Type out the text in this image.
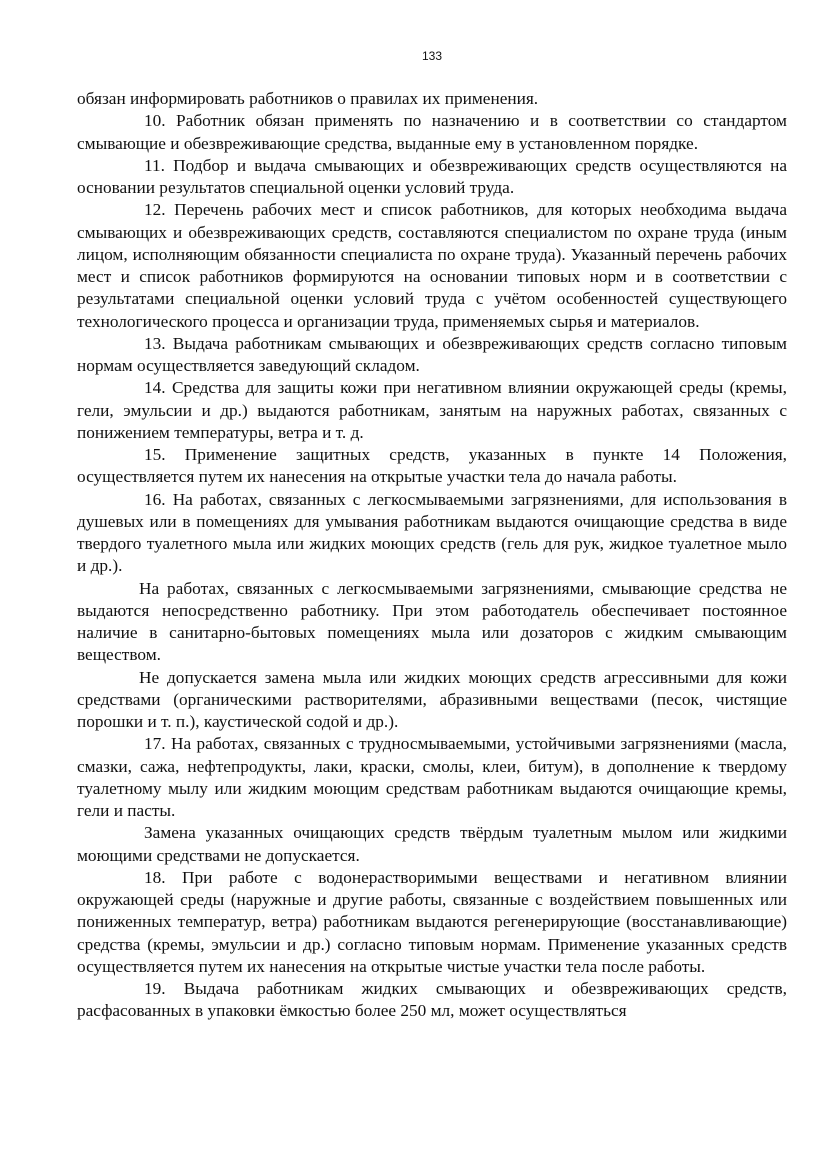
133

обязан информировать работников о правилах их применения.

10. Работник обязан применять по назначению и в соответствии со стандартом смывающие и обезвреживающие средства, выданные ему в установленном порядке.

11. Подбор и выдача смывающих и обезвреживающих средств осуществляются на основании результатов специальной оценки условий труда.

12. Перечень рабочих мест и список работников, для которых необходима выдача смывающих и обезвреживающих средств, составляются специалистом по охране труда (иным лицом, исполняющим обязанности специалиста по охране труда). Указанный перечень рабочих мест и список работников формируются на основании типовых норм и в соответствии с результатами специальной оценки условий труда с учётом особенностей существующего технологического процесса и организации труда, применяемых сырья и материалов.

13. Выдача работникам смывающих и обезвреживающих средств согласно типовым нормам осуществляется заведующий складом.

14. Средства для защиты кожи при негативном влиянии окружающей среды (кремы, гели, эмульсии и др.) выдаются работникам, занятым на наружных работах, связанных с понижением температуры, ветра и т. д.

15. Применение защитных средств, указанных в пункте 14 Положения, осуществляется путем их нанесения на открытые участки тела до начала работы.

16. На работах, связанных с легкосмываемыми загрязнениями, для использования в душевых или в помещениях для умывания работникам выдаются очищающие средства в виде твердого туалетного мыла или жидких моющих средств (гель для рук, жидкое туалетное мыло и др.).

На работах, связанных с легкосмываемыми загрязнениями, смывающие средства не выдаются непосредственно работнику. При этом работодатель обеспечивает постоянное наличие в санитарно-бытовых помещениях мыла или дозаторов с жидким смывающим веществом.

Не допускается замена мыла или жидких моющих средств агрессивными для кожи средствами (органическими растворителями, абразивными веществами (песок, чистящие порошки и т. п.), каустической содой и др.).

17. На работах, связанных с трудносмываемыми, устойчивыми загрязнениями (масла, смазки, сажа, нефтепродукты, лаки, краски, смолы, клеи, битум), в дополнение к твердому туалетному мылу или жидким моющим средствам работникам выдаются очищающие кремы, гели и пасты.

Замена указанных очищающих средств твёрдым туалетным мылом или жидкими моющими средствами не допускается.

18. При работе с водонерастворимыми веществами и негативном влиянии окружающей среды (наружные и другие работы, связанные с воздействием повышенных или пониженных температур, ветра) работникам выдаются регенерирующие (восстанавливающие) средства (кремы, эмульсии и др.) согласно типовым нормам. Применение указанных средств осуществляется путем их нанесения на открытые чистые участки тела после работы.

19. Выдача работникам жидких смывающих и обезвреживающих средств, расфасованных в упаковки ёмкостью более 250 мл, может осуществляться
